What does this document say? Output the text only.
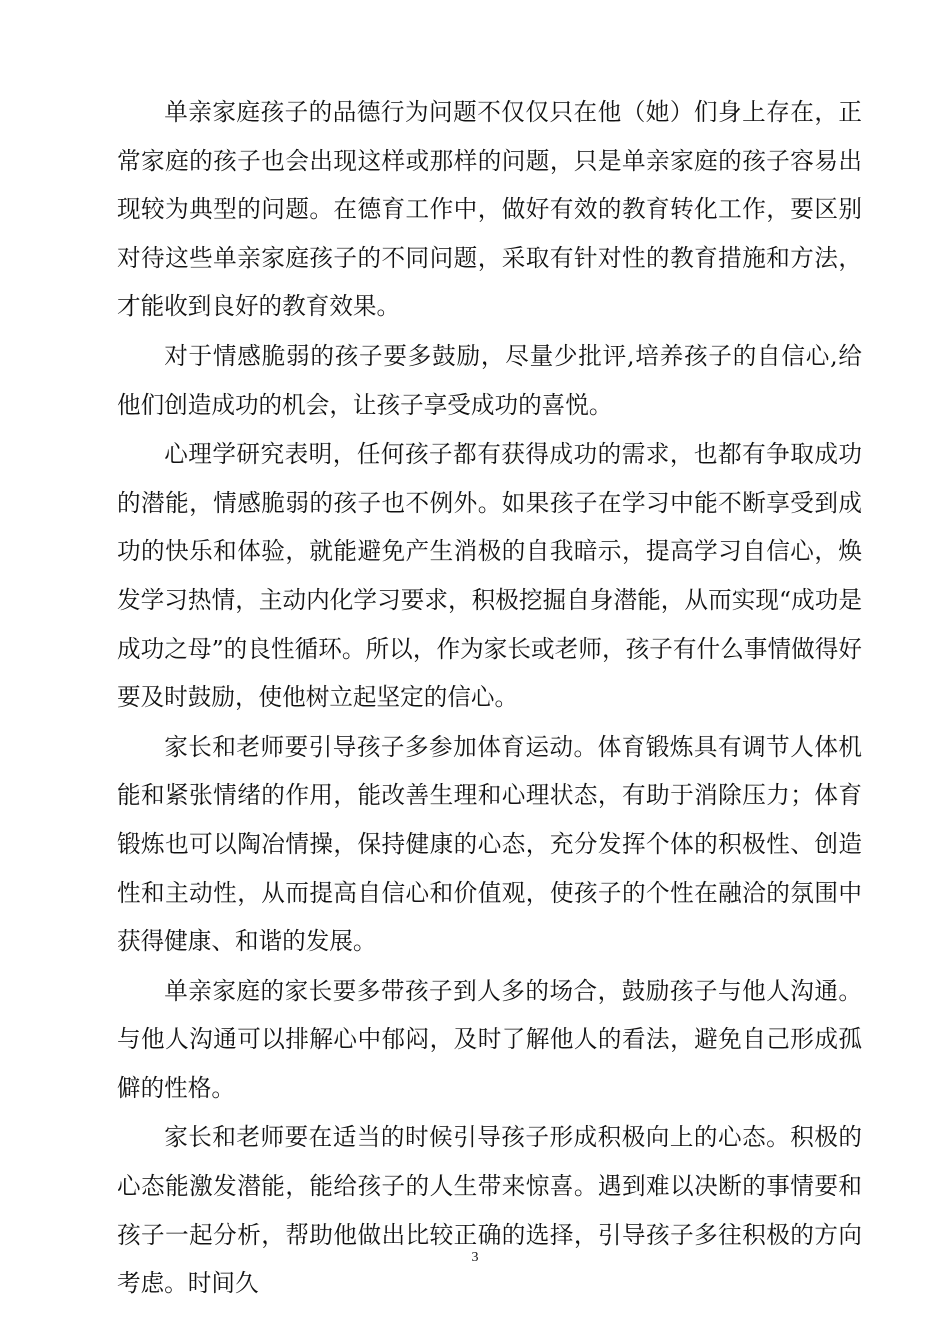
单亲家庭孩子的品德行为问题不仅仅只在他（她）们身上存在，正常家庭的孩子也会出现这样或那样的问题，只是单亲家庭的孩子容易出现较为典型的问题。在德育工作中，做好有效的教育转化工作，要区别对待这些单亲家庭孩子的不同问题，采取有针对性的教育措施和方法，才能收到良好的教育效果。

对于情感脆弱的孩子要多鼓励，尽量少批评,培养孩子的自信心,给他们创造成功的机会，让孩子享受成功的喜悦。

心理学研究表明，任何孩子都有获得成功的需求，也都有争取成功的潜能，情感脆弱的孩子也不例外。如果孩子在学习中能不断享受到成功的快乐和体验，就能避免产生消极的自我暗示，提高学习自信心，焕发学习热情，主动内化学习要求，积极挖掘自身潜能，从而实现“成功是成功之母”的良性循环。所以，作为家长或老师，孩子有什么事情做得好要及时鼓励，使他树立起坚定的信心。

家长和老师要引导孩子多参加体育运动。体育锻炼具有调节人体机能和紧张情绪的作用，能改善生理和心理状态，有助于消除压力；体育锻炼也可以陶冶情操，保持健康的心态，充分发挥个体的积极性、创造性和主动性，从而提高自信心和价值观，使孩子的个性在融洽的氛围中获得健康、和谐的发展。

单亲家庭的家长要多带孩子到人多的场合，鼓励孩子与他人沟通。与他人沟通可以排解心中郁闷，及时了解他人的看法，避免自己形成孤僻的性格。

家长和老师要在适当的时候引导孩子形成积极向上的心态。积极的心态能激发潜能，能给孩子的人生带来惊喜。遇到难以决断的事情要和孩子一起分析，帮助他做出比较正确的选择，引导孩子多往积极的方向考虑。时间久

3
